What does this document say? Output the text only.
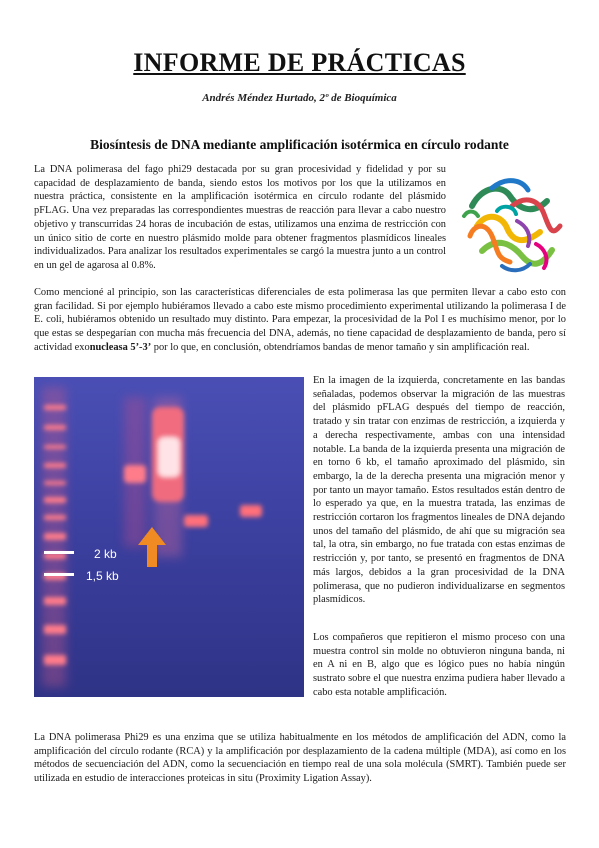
INFORME DE PRÁCTICAS
Andrés Méndez Hurtado, 2º de Bioquímica
Biosíntesis de DNA mediante amplificación isotérmica en círculo rodante

La DNA polimerasa del fago phi29 destacada por su gran procesividad y fidelidad y por su capacidad de desplazamiento de banda, siendo estos los motivos por los que la utilizamos en nuestra práctica, consistente en la amplificación isotérmica en círculo rodante del plásmido pFLAG. Una vez preparadas las correspondientes muestras de reacción para llevar a cabo nuestro objetivo y transcurridas 24 horas de incubación de estas, utilizamos una enzima de restricción con un único sitio de corte en nuestro plásmido molde para obtener fragmentos plasmídicos lineales individualizados. Para analizar los resultados experimentales se cargó la muestra junto a un control en un gel de agarosa al 0.8%.

Como mencioné al principio, son las características diferenciales de esta polimerasa las que permiten llevar a cabo esto con gran facilidad. Si por ejemplo hubiéramos llevado a cabo este mismo procedimiento experimental utilizando la polimerasa I de E. coli, hubiéramos obtenido un resultado muy distinto. Para empezar, la procesividad de la Pol I es muchísimo menor, por lo que estas se despegarían con mucha más frecuencia del DNA, además, no tiene capacidad de desplazamiento de banda, pero sí actividad exonucleasa 5’-3’ por lo que, en conclusión, obtendríamos bandas de menor tamaño y sin amplificación real.

2 kb
1,5 kb

En la imagen de la izquierda, concretamente en las bandas señaladas, podemos observar la migración de las muestras del plásmido pFLAG después del tiempo de reacción, tratado y sin tratar con enzimas de restricción, a izquierda y a derecha respectivamente, ambas con una intensidad notable. La banda de la izquierda presenta una migración de en torno 6 kb, el tamaño aproximado del plásmido, sin embargo, la de la derecha presenta una migración menor y por tanto un mayor tamaño. Estos resultados están dentro de lo esperado ya que, en la muestra tratada, las enzimas de restricción cortaron los fragmentos lineales de DNA dejando unos del tamaño del plásmido, de ahí que su migración sea tal, la otra, sin embargo, no fue tratada con estas enzimas de restricción y, por tanto, se presentó en fragmentos de DNA más largos, debidos a la gran procesividad de la DNA polimerasa, que no pudieron individualizarse en segmentos plasmídicos.

Los compañeros que repitieron el mismo proceso con una muestra control sin molde no obtuvieron ninguna banda, ni en A ni en B, algo que es lógico pues no había ningún sustrato sobre el que nuestra enzima pudiera haber llevado a cabo esta notable amplificación.

La DNA polimerasa Phi29 es una enzima que se utiliza habitualmente en los métodos de amplificación del ADN, como la amplificación del círculo rodante (RCA) y la amplificación por desplazamiento de la cadena múltiple (MDA), así como en los métodos de secuenciación del ADN, como la secuenciación en tiempo real de una sola molécula (SMRT). También puede ser utilizada en estudio de interacciones proteicas in situ (Proximity Ligation Assay).
